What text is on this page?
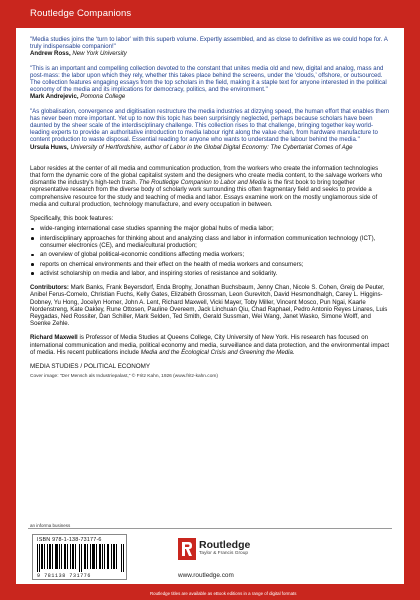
Routledge Companions
"Media studies joins the ‘turn to labor’ with this superb volume. Expertly assembled, and as close to definitive as we could hope for. A truly indispensable companion!"
Andrew Ross, New York University
"This is an important and compelling collection devoted to the constant that unites media old and new, digital and analog, mass and post-mass: the labor upon which they rely, whether this takes place behind the screens, under the ‘clouds,’ offshore, or outsourced. The collection features engaging essays from the top scholars in the field, making it a staple text for anyone interested in the political economy of the media and its implications for democracy, politics, and the environment."
Mark Andrejevic, Pomona College
"As globalisation, convergence and digitisation restructure the media industries at dizzying speed, the human effort that enables them has never been more important. Yet up to now this topic has been surprisingly neglected, perhaps because scholars have been daunted by the sheer scale of the interdisciplinary challenge. This collection rises to that challenge, bringing together key world-leading experts to provide an authoritative introduction to media labour right along the value chain, from hardware manufacture to content production to waste disposal. Essential reading for anyone who wants to understand the labour behind the media."
Ursula Huws, University of Hertfordshire, author of Labor in the Global Digital Economy: The Cybertariat Comes of Age

Labor resides at the center of all media and communication production, from the workers who create the information technologies that form the dynamic core of the global capitalist system and the designers who create media content, to the salvage workers who dismantle the industry’s high-tech trash. The Routledge Companion to Labor and Media is the first book to bring together representative research from the diverse body of scholarly work surrounding this often fragmentary field and seeks to provide a comprehensive resource for the study and teaching of media and labor. Essays examine work on the mostly unglamorous side of media and cultural production, technology manufacture, and every occupation in between.

Specifically, this book features:

wide-ranging international case studies spanning the major global hubs of media labor;
interdisciplinary approaches for thinking about and analyzing class and labor in information communication technology (ICT), consumer electronics (CE), and media/cultural production;
an overview of global political-economic conditions affecting media workers;
reports on chemical environments and their effect on the health of media workers and consumers;
activist scholarship on media and labor, and inspiring stories of resistance and solidarity.

Contributors: Mark Banks, Frank Beyersdorf, Enda Brophy, Jonathan Buchsbaum, Jenny Chan, Nicole S. Cohen, Greig de Peuter, Anibel Ferus-Comelo, Christian Fuchs, Kelly Gates, Elizabeth Grossman, Leon Gurevitch, David Hesmondhalgh, Carey L. Higgins-Dobney, Yu Hong, Jocelyn Horner, John A. Lent, Richard Maxwell, Vicki Mayer, Toby Miller, Vincent Mosco, Pun Ngai, Kaarle Nordenstreng, Kate Oakley, Rune Ottosen, Pauline Overeem, Jack Linchuan Qiu, Chad Raphael, Pedro Antonio Reyes Linares, Luis Reygadas, Ned Rossiter, Dan Schiller, Mark Selden, Ted Smith, Gerald Sussman, Wei Wang, Janet Wasko, Simone Wolff, and Soenke Zehle.

Richard Maxwell is Professor of Media Studies at Queens College, City University of New York. His research has focused on international communication and media, political economy and media, surveillance and data protection, and the environmental impact of media. His recent publications include Media and the Ecological Crisis and Greening the Media.

MEDIA STUDIES / POLITICAL ECONOMY

Cover image: "Der Mensch als Industriepalast," © Fritz Kahn, 1926 (www.fritz-kahn.com)

an informa business
ISBN 978-1-138-73177-6
9 781138 731776
Routledge
Taylor & Francis Group
www.routledge.com
Routledge titles are available as eBook editions in a range of digital formats
